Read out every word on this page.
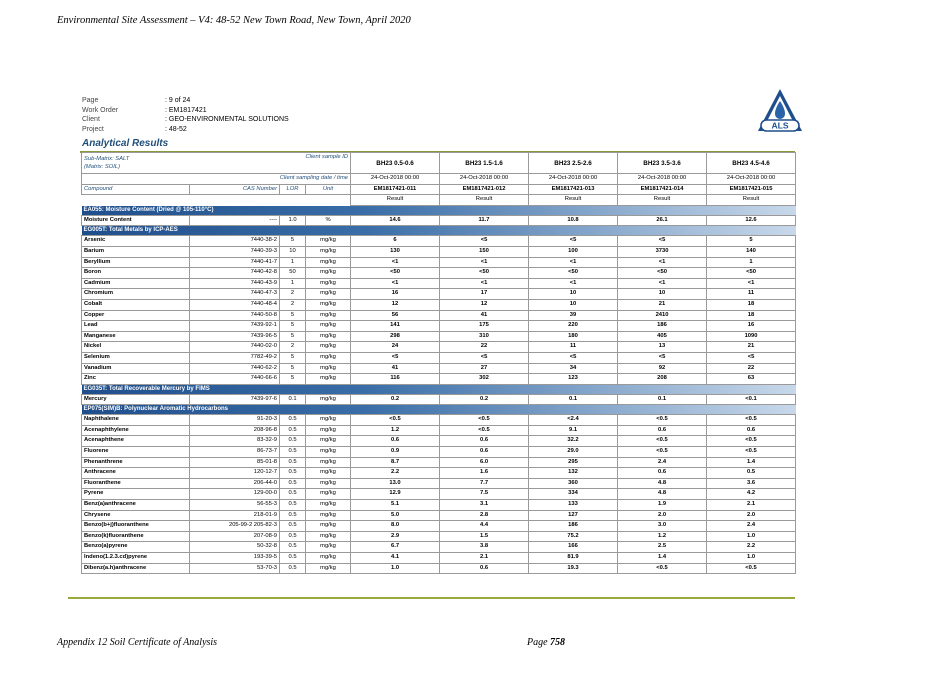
Environmental Site Assessment – V4: 48-52 New Town Road, New Town, April 2020
Page	: 9 of 24
Work Order	: EM1817421
Client	: GEO-ENVIRONMENTAL SOLUTIONS
Project	: 48-52	ALS
Analytical Results
Sub-Matrix: SALT
(Matrix: SOIL)		Client sample ID		BH23 0.5-0.6	BH23 1.5-1.6	BH23 2.5-2.6	BH23 3.5-3.6	BH23 4.5-4.6
Client sampling date / time				24-Oct-2018 00:00	24-Oct-2018 00:00	24-Oct-2018 00:00	24-Oct-2018 00:00	24-Oct-2018 00:00
Compound	CAS Number	LOR	Unit	EM1817421-011	EM1817421-012	EM1817421-013	EM1817421-014	EM1817421-015
				Result	Result	Result	Result	Result
EA055: Moisture Content (Dried @ 105-110°C)								
Moisture Content	----	1.0	%	14.6	11.7	10.8	26.1	12.6
EG005T: Total Metals by ICP-AES								
Arsenic	7440-38-2	5	mg/kg	6	<5	<5	<5	5
Barium	7440-39-3	10	mg/kg	130	150	100	3730	140
Beryllium	7440-41-7	1	mg/kg	<1	<1	<1	<1	1
Boron	7440-42-8	50	mg/kg	<50	<50	<50	<50	<50
Cadmium	7440-43-9	1	mg/kg	<1	<1	<1	<1	<1
Chromium	7440-47-3	2	mg/kg	16	17	10	10	11
Cobalt	7440-48-4	2	mg/kg	12	12	10	21	18
Copper	7440-50-8	5	mg/kg	56	41	39	2410	18
Lead	7439-92-1	5	mg/kg	141	175	220	186	16
Manganese	7439-96-5	5	mg/kg	298	310	180	405	1090
Nickel	7440-02-0	2	mg/kg	24	22	11	13	21
Selenium	7782-49-2	5	mg/kg	<5	<5	<5	<5	<5
Vanadium	7440-62-2	5	mg/kg	41	27	34	92	22
Zinc	7440-66-6	5	mg/kg	116	302	123	208	63
EG035T: Total Recoverable Mercury by FIMS								
Mercury	7439-97-6	0.1	mg/kg	0.2	0.2	0.1	0.1	<0.1
EP075(SIM)B: Polynuclear Aromatic Hydrocarbons								
Naphthalene	91-20-3	0.5	mg/kg	<0.5	<0.5	<2.4	<0.5	<0.5
Acenaphthylene	208-96-8	0.5	mg/kg	1.2	<0.5	9.1	0.6	0.6
Acenaphthene	83-32-9	0.5	mg/kg	0.6	0.6	32.2	<0.5	<0.5
Fluorene	86-73-7	0.5	mg/kg	0.9	0.6	29.0	<0.5	<0.5
Phenanthrene	85-01-8	0.5	mg/kg	8.7	6.0	295	2.4	1.4
Anthracene	120-12-7	0.5	mg/kg	2.2	1.6	132	0.6	0.5
Fluoranthene	206-44-0	0.5	mg/kg	13.0	7.7	360	4.8	3.6
Pyrene	129-00-0	0.5	mg/kg	12.9	7.5	334	4.8	4.2
Benz(a)anthracene	56-55-3	0.5	mg/kg	5.1	3.1	133	1.9	2.1
Chrysene	218-01-9	0.5	mg/kg	5.0	2.8	127	2.0	2.0
Benzo(b+j)fluoranthene	205-99-2 205-82-3	0.5	mg/kg	8.0	4.4	186	3.0	2.4
Benzo(k)fluoranthene	207-08-9	0.5	mg/kg	2.9	1.5	75.2	1.2	1.0
Benzo(a)pyrene	50-32-8	0.5	mg/kg	6.7	3.8	166	2.5	2.2
Indeno(1.2.3.cd)pyrene	193-39-5	0.5	mg/kg	4.1	2.1	81.9	1.4	1.0
Dibenz(a.h)anthracene	53-70-3	0.5	mg/kg	1.0	0.6	19.3	<0.5	<0.5
Appendix 12 Soil Certificate of Analysis	Page 758
